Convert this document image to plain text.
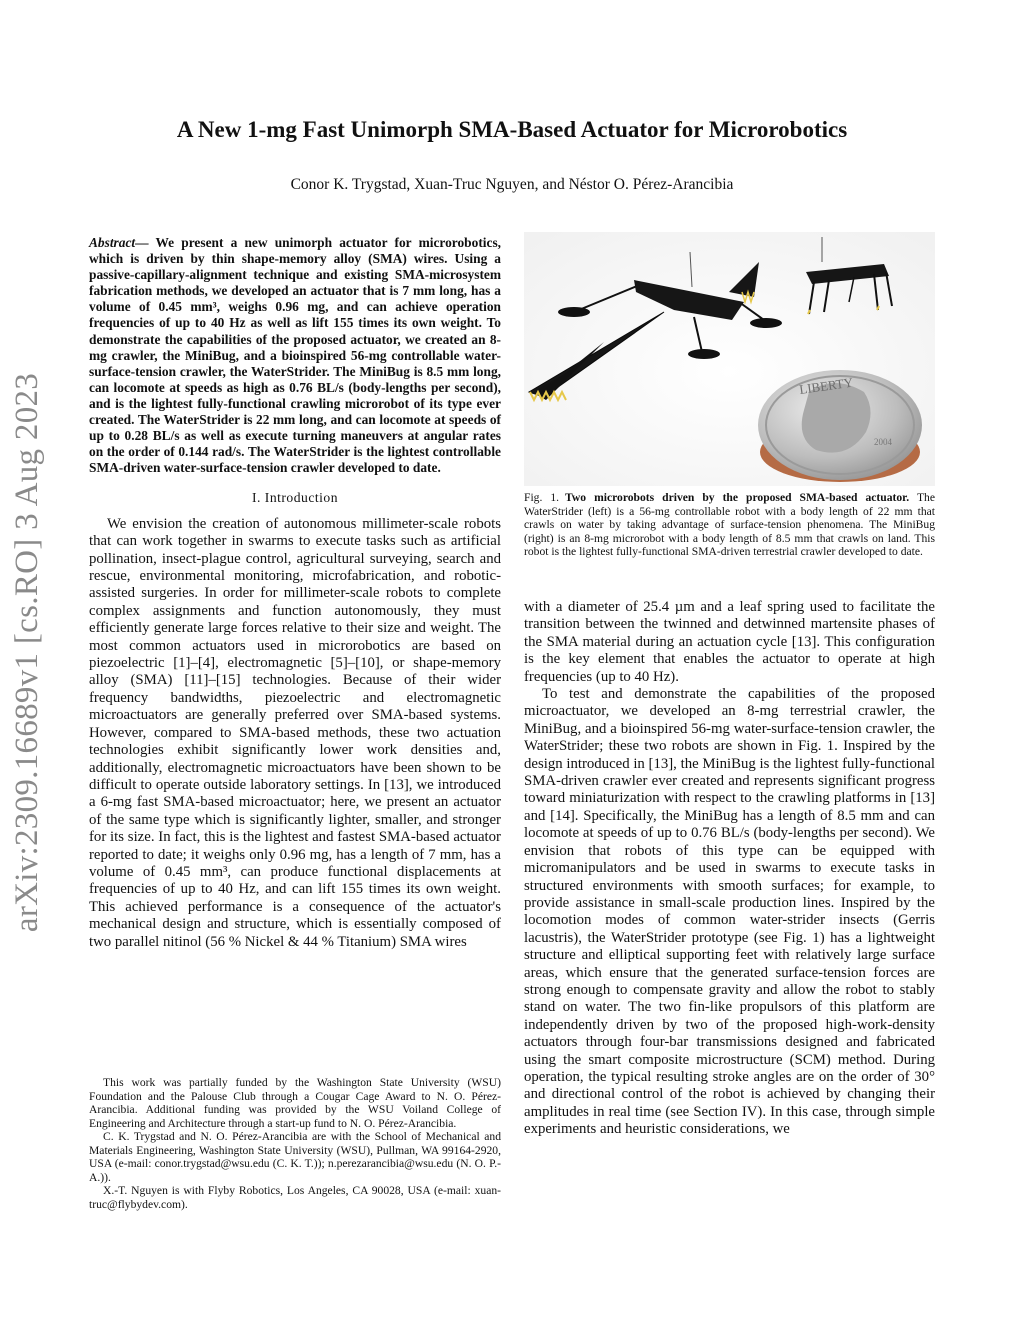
arXiv:2309.16689v1 [cs.RO] 3 Aug 2023
A New 1-mg Fast Unimorph SMA-Based Actuator for Microrobotics
Conor K. Trygstad, Xuan-Truc Nguyen, and Néstor O. Pérez-Arancibia

Abstract— We present a new unimorph actuator for microrobotics, which is driven by thin shape-memory alloy (SMA) wires. Using a passive-capillary-alignment technique and existing SMA-microsystem fabrication methods, we developed an actuator that is 7 mm long, has a volume of 0.45 mm³, weighs 0.96 mg, and can achieve operation frequencies of up to 40 Hz as well as lift 155 times its own weight. To demonstrate the capabilities of the proposed actuator, we created an 8-mg crawler, the MiniBug, and a bioinspired 56-mg controllable water-surface-tension crawler, the WaterStrider. The MiniBug is 8.5 mm long, can locomote at speeds as high as 0.76 BL/s (body-lengths per second), and is the lightest fully-functional crawling microrobot of its type ever created. The WaterStrider is 22 mm long, and can locomote at speeds of up to 0.28 BL/s as well as execute turning maneuvers at angular rates on the order of 0.144 rad/s. The WaterStrider is the lightest controllable SMA-driven water-surface-tension crawler developed to date.

I. Introduction

We envision the creation of autonomous millimeter-scale robots that can work together in swarms to execute tasks such as artificial pollination, insect-plague control, agricultural surveying, search and rescue, environmental monitoring, microfabrication, and robotic-assisted surgeries. In order for millimeter-scale robots to complete complex assignments and function autonomously, they must efficiently generate large forces relative to their size and weight. The most common actuators used in microrobotics are based on piezoelectric [1]–[4], electromagnetic [5]–[10], or shape-memory alloy (SMA) [11]–[15] technologies. Because of their wider frequency bandwidths, piezoelectric and electromagnetic microactuators are generally preferred over SMA-based systems. However, compared to SMA-based methods, these two actuation technologies exhibit significantly lower work densities and, additionally, electromagnetic microactuators have been shown to be difficult to operate outside laboratory settings. In [13], we introduced a 6-mg fast SMA-based microactuator; here, we present an actuator of the same type which is significantly lighter, smaller, and stronger for its size. In fact, this is the lightest and fastest SMA-based actuator reported to date; it weighs only 0.96 mg, has a length of 7 mm, has a volume of 0.45 mm³, can produce functional displacements at frequencies of up to 40 Hz, and can lift 155 times its own weight. This achieved performance is a consequence of the actuator's mechanical design and structure, which is essentially composed of two parallel nitinol (56 % Nickel & 44 % Titanium) SMA wires

This work was partially funded by the Washington State University (WSU) Foundation and the Palouse Club through a Cougar Cage Award to N. O. Pérez-Arancibia. Additional funding was provided by the WSU Voiland College of Engineering and Architecture through a start-up fund to N. O. Pérez-Arancibia.

C. K. Trygstad and N. O. Pérez-Arancibia are with the School of Mechanical and Materials Engineering, Washington State University (WSU), Pullman, WA 99164-2920, USA (e-mail: conor.trygstad@wsu.edu (C. K. T.)); n.perezarancibia@wsu.edu (N. O. P.-A.)).

X.-T. Nguyen is with Flyby Robotics, Los Angeles, CA 90028, USA (e-mail: xuan-truc@flybydev.com).

LIBERTY
2004

Fig. 1. Two microrobots driven by the proposed SMA-based actuator. The WaterStrider (left) is a 56-mg controllable robot with a body length of 22 mm that crawls on water by taking advantage of surface-tension phenomena. The MiniBug (right) is an 8-mg microrobot with a body length of 8.5 mm that crawls on land. This robot is the lightest fully-functional SMA-driven terrestrial crawler developed to date.

with a diameter of 25.4 µm and a leaf spring used to facilitate the transition between the twinned and detwinned martensite phases of the SMA material during an actuation cycle [13]. This configuration is the key element that enables the actuator to operate at high frequencies (up to 40 Hz).

To test and demonstrate the capabilities of the proposed microactuator, we developed an 8-mg terrestrial crawler, the MiniBug, and a bioinspired 56-mg water-surface-tension crawler, the WaterStrider; these two robots are shown in Fig. 1. Inspired by the design introduced in [13], the MiniBug is the lightest fully-functional SMA-driven crawler ever created and represents significant progress toward miniaturization with respect to the crawling platforms in [13] and [14]. Specifically, the MiniBug has a length of 8.5 mm and can locomote at speeds of up to 0.76 BL/s (body-lengths per second). We envision that robots of this type can be equipped with micromanipulators and be used in swarms to execute tasks in structured environments with smooth surfaces; for example, to provide assistance in small-scale production lines. Inspired by the locomotion modes of common water-strider insects (Gerris lacustris), the WaterStrider prototype (see Fig. 1) has a lightweight structure and elliptical supporting feet with relatively large surface areas, which ensure that the generated surface-tension forces are strong enough to compensate gravity and allow the robot to stably stand on water. The two fin-like propulsors of this platform are independently driven by two of the proposed high-work-density actuators through four-bar transmissions designed and fabricated using the smart composite microstructure (SCM) method. During operation, the typical resulting stroke angles are on the order of 30° and directional control of the robot is achieved by changing their amplitudes in real time (see Section IV). In this case, through simple experiments and heuristic considerations, we
